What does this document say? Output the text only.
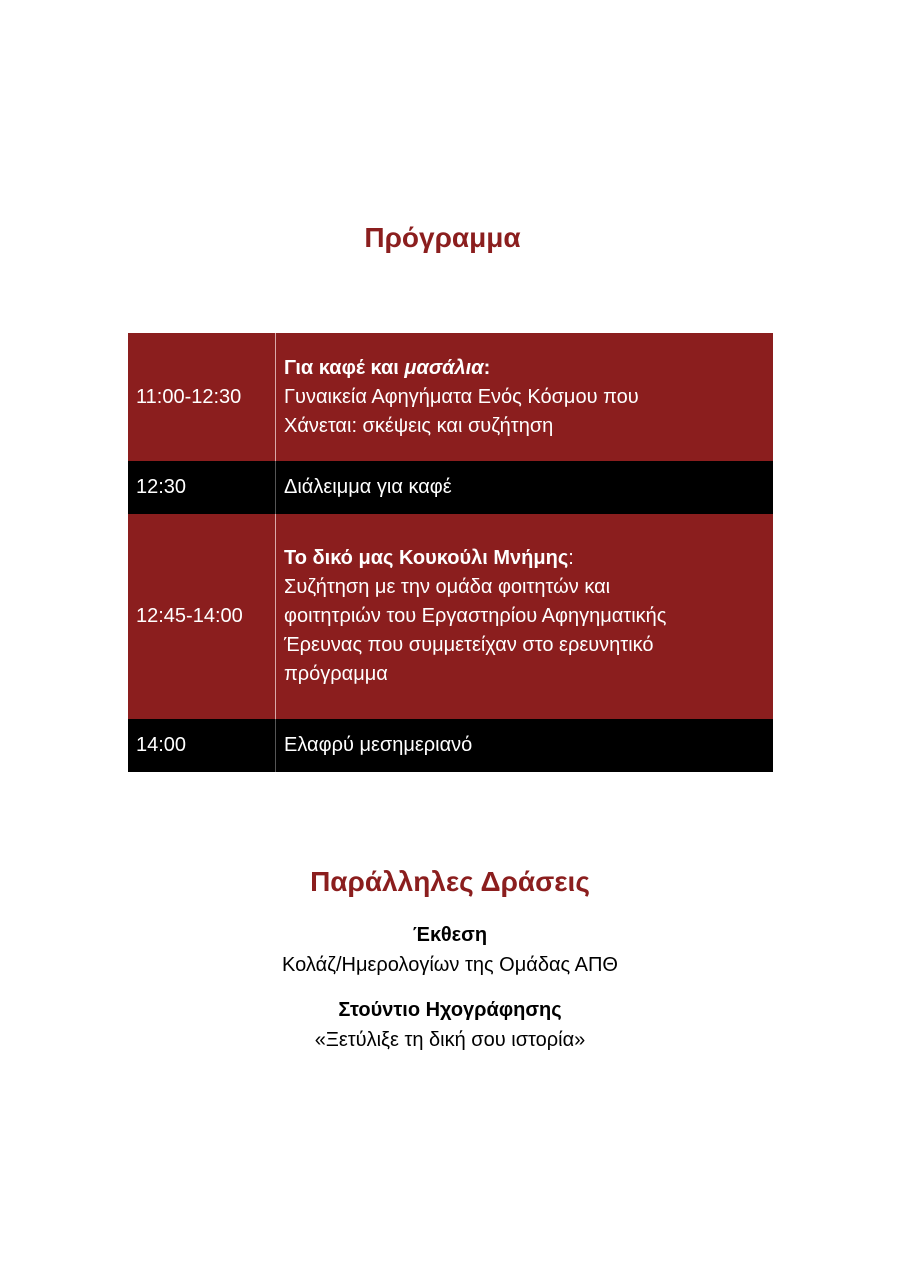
Πρόγραμμα
11:00-12:30	Για καφέ και μασάλια:
Γυναικεία Αφηγήματα Ενός Κόσμου που
Χάνεται: σκέψεις και συζήτηση

12:30	Διάλειμμα για καφέ
12:45-14:00	Το δικό μας Κουκούλι Μνήμης:
Συζήτηση με την ομάδα φοιτητών και
φοιτητριών του Εργαστηρίου Αφηγηματικής
Έρευνας που συμμετείχαν στο ερευνητικό
πρόγραμμα

14:00	Ελαφρύ μεσημεριανό
Παράλληλες Δράσεις
Έκθεση
Κολάζ/Ημερολογίων της Ομάδας ΑΠΘ
Στούντιο Ηχογράφησης
«Ξετύλιξε τη δική σου ιστορία»
